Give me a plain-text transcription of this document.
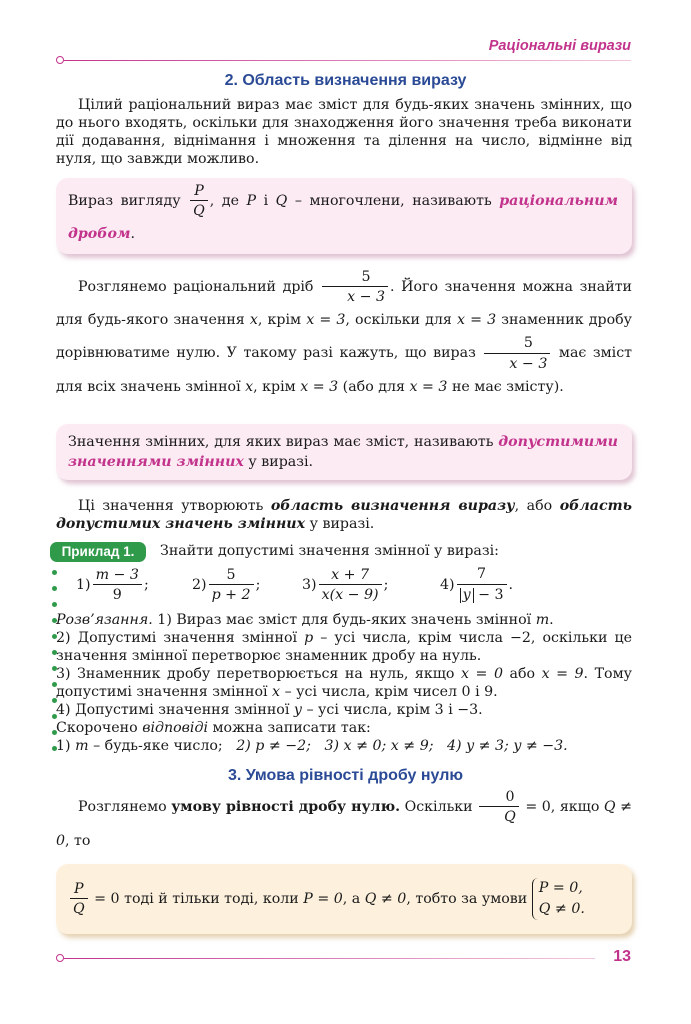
Раціональні вирази
2. Область визначення виразу

Цілий раціональний вираз має зміст для будь-яких значень змінних, що до нього входять, оскільки для знаходження його значення треба виконати дії додавання, віднімання і множення та ділення на число, відмінне від нуля, що завжди можливо.

Вираз вигляду $\frac{P}{Q}$ , де P і Q – многочлени, називають раціональним дробом.

Розглянемо раціональний дріб $\frac{5}{x - 3}$ . Його значення можна знайти для будь-якого значення x, крім x = 3, оскільки для x = 3 знаменник дробу дорівнюватиме нулю. У такому разі кажуть, що вираз $\frac{5}{x - 3}$ має зміст для всіх значень змінної x, крім x = 3 (або для x = 3 не має змісту).

Значення змінних, для яких вираз має зміст, називають допустимими значеннями змінних у виразі.

Ці значення утворюють область визначення виразу, або область допустимих значень змінних у виразі.

Приклад 1.	Знайти допустимі значення змінної у виразі:
$1) \frac{m - 3}{9}$ ;	$2) \frac{5}{p + 2}$ ;	$3) \frac{x + 7}{x(x - 9)}$ ;	$4) \frac{7}{y - 3}$ .

Розв’язання. 1) Вираз має зміст для будь-яких значень змінної m.

2) Допустимі значення змінної p – усі числа, крім числа −2, оскільки це значення змінної перетворює знаменник дробу на нуль.

3) Знаменник дробу перетворюється на нуль, якщо x = 0 або x = 9. Тому допустимі значення змінної x – усі числа, крім чисел 0 і 9.

4) Допустимі значення змінної y – усі числа, крім 3 і −3.

Скорочено відповіді можна записати так:

1) m – будь-яке число; 2) p ≠ −2; 3) x ≠ 0; x ≠ 9; 4) y ≠ 3; y ≠ −3.

3. Умова рівності дробу нулю

Розглянемо умову рівності дробу нулю. Оскільки $\frac{0}{Q} = 0$, якщо Q ≠ 0, то

$\frac{P}{Q} = 0$ тоді й тільки тоді, коли P = 0, а Q ≠ 0, тобто за умови
P = 0,
Q ≠ 0.

13
